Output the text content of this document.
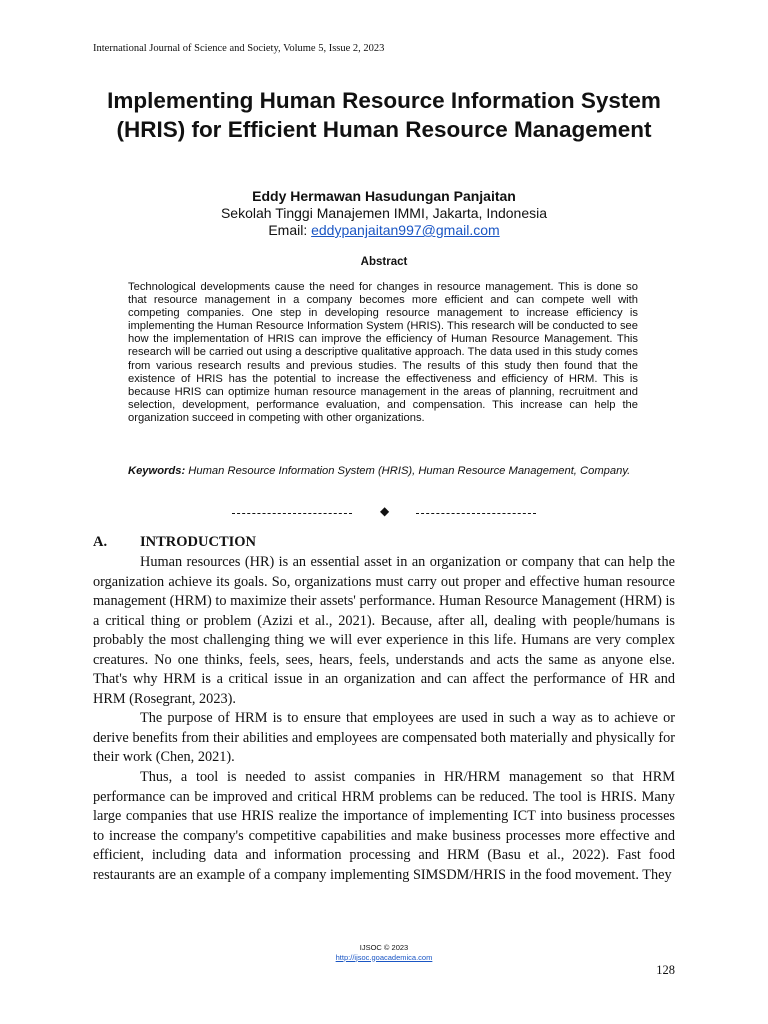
International Journal of Science and Society, Volume 5, Issue 2, 2023
Implementing Human Resource Information System (HRIS) for Efficient Human Resource Management
Eddy Hermawan Hasudungan Panjaitan
Sekolah Tinggi Manajemen IMMI, Jakarta, Indonesia
Email: eddypanjaitan997@gmail.com
Abstract
Technological developments cause the need for changes in resource management. This is done so that resource management in a company becomes more efficient and can compete well with competing companies. One step in developing resource management to increase efficiency is implementing the Human Resource Information System (HRIS). This research will be conducted to see how the implementation of HRIS can improve the efficiency of Human Resource Management. This research will be carried out using a descriptive qualitative approach. The data used in this study comes from various research results and previous studies. The results of this study then found that the existence of HRIS has the potential to increase the effectiveness and efficiency of HRM. This is because HRIS can optimize human resource management in the areas of planning, recruitment and selection, development, performance evaluation, and compensation. This increase can help the organization succeed in competing with other organizations.
Keywords: Human Resource Information System (HRIS), Human Resource Management, Company.
◆
A. INTRODUCTION

Human resources (HR) is an essential asset in an organization or company that can help the organization achieve its goals. So, organizations must carry out proper and effective human resource management (HRM) to maximize their assets' performance. Human Resource Management (HRM) is a critical thing or problem (Azizi et al., 2021). Because, after all, dealing with people/humans is probably the most challenging thing we will ever experience in this life. Humans are very complex creatures. No one thinks, feels, sees, hears, feels, understands and acts the same as anyone else. That's why HRM is a critical issue in an organization and can affect the performance of HR and HRM (Rosegrant, 2023).

The purpose of HRM is to ensure that employees are used in such a way as to achieve or derive benefits from their abilities and employees are compensated both materially and physically for their work (Chen, 2021).

Thus, a tool is needed to assist companies in HR/HRM management so that HRM performance can be improved and critical HRM problems can be reduced. The tool is HRIS. Many large companies that use HRIS realize the importance of implementing ICT into business processes to increase the company's competitive capabilities and make business processes more effective and efficient, including data and information processing and HRM (Basu et al., 2022). Fast food restaurants are an example of a company implementing SIMSDM/HRIS in the food movement. They

IJSOC © 2023
http://ijsoc.goacademica.com
128
